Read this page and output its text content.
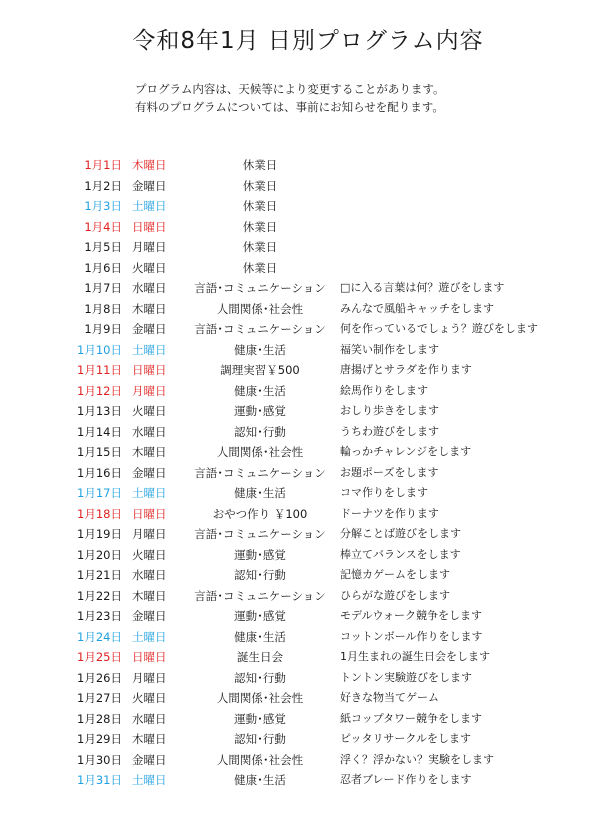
令和8年1月 日別プログラム内容
プログラム内容は、天候等により変更することがあります。
有料のプログラムについては、事前にお知らせを配ります。
1月1日 木曜日	休業日
1月2日 金曜日	休業日
1月3日 土曜日	休業日
1月4日 日曜日	休業日
1月5日 月曜日	休業日
1月6日 火曜日	休業日
1月7日 水曜日	言語･コミュニケーション	□に入る言葉は何？遊びをします
1月8日 木曜日	人間関係･社会性	みんなで風船キャッチをします
1月9日 金曜日	言語･コミュニケーション	何を作っているでしょう？遊びをします
1月10日 土曜日	健康･生活	福笑い制作をします
1月11日 日曜日	調理実習￥500	唐揚げとサラダを作ります
1月12日 月曜日	健康･生活	絵馬作りをします
1月13日 火曜日	運動･感覚	おしり歩きをします
1月14日 水曜日	認知･行動	うちわ遊びをします
1月15日 木曜日	人間関係･社会性	輪っかチャレンジをします
1月16日 金曜日	言語･コミュニケーション	お題ポーズをします
1月17日 土曜日	健康･生活	コマ作りをします
1月18日 日曜日	おやつ作り ￥100	ドーナツを作ります
1月19日 月曜日	言語･コミュニケーション	分解ことば遊びをします
1月20日 火曜日	運動･感覚	棒立てバランスをします
1月21日 水曜日	認知･行動	記憶カゲームをします
1月22日 木曜日	言語･コミュニケーション	ひらがな遊びをします
1月23日 金曜日	運動･感覚	モデルウォーク競争をします
1月24日 土曜日	健康･生活	コットンボール作りをします
1月25日 日曜日	誕生日会	1月生まれの誕生日会をします
1月26日 月曜日	認知･行動	トントン実験遊びをします
1月27日 火曜日	人間関係･社会性	好きな物当てゲーム
1月28日 水曜日	運動･感覚	紙コップタワー競争をします
1月29日 木曜日	認知･行動	ピッタリサークルをします
1月30日 金曜日	人間関係･社会性	浮く？浮かない？実験をします
1月31日 土曜日	健康･生活	忍者ブレード作りをします
